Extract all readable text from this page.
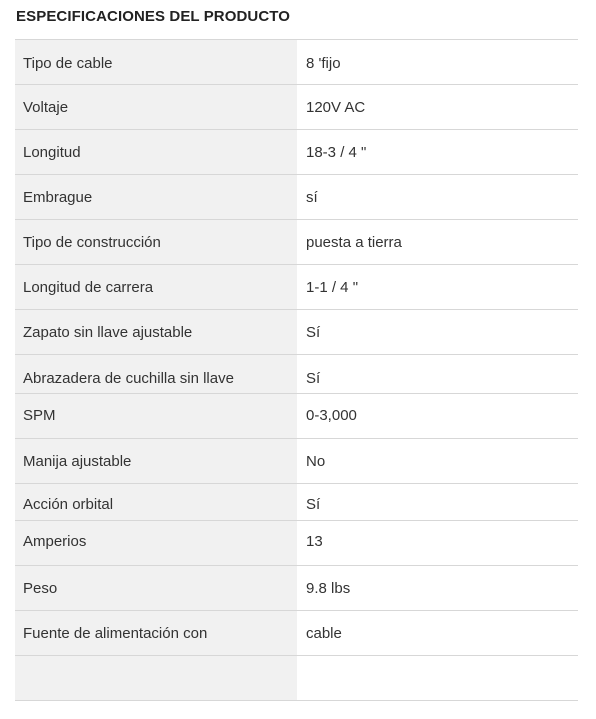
ESPECIFICACIONES DEL PRODUCTO
Tipo de cable	8 'fijo
Voltaje	120V AC
Longitud	18-3 / 4 "
Embrague	sí
Tipo de construcción	puesta a tierra
Longitud de carrera	1-1 / 4 "
Zapato sin llave ajustable	Sí
Abrazadera de cuchilla sin llave	Sí
SPM	0-3,000
Manija ajustable	No
Acción orbital	Sí
Amperios	13
Peso	9.8 lbs
Fuente de alimentación con	cable
